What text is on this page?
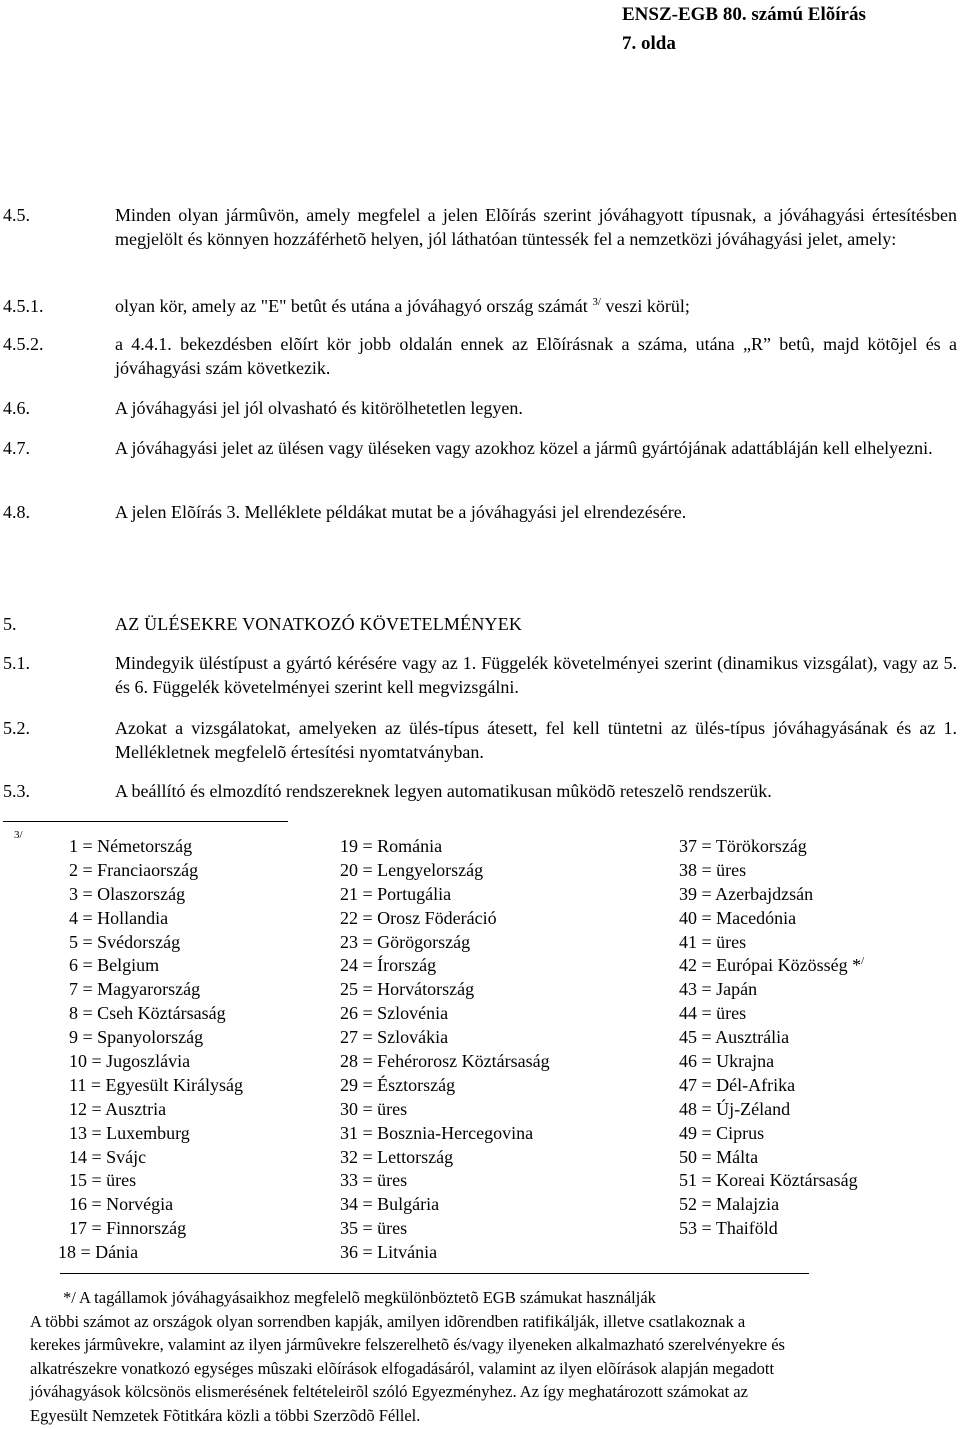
ENSZ-EGB 80. számú Elõírás
7. olda
4.5.	Minden olyan jármûvön, amely megfelel a jelen Elõírás szerint jóváhagyott típusnak, a jóváhagyási értesítésben megjelölt és könnyen hozzáférhetõ helyen, jól láthatóan tüntessék fel a nemzetközi jóváhagyási jelet, amely:
4.5.1.	olyan kör, amely az "E" betût és utána a jóváhagyó ország számát $^{3/}$ veszi körül;
4.5.2.	a 4.4.1. bekezdésben elõírt kör jobb oldalán ennek az Elõírásnak a száma, utána „R” betû, majd kötõjel és a jóváhagyási szám következik.
4.6.	A jóváhagyási jel jól olvasható és kitörölhetetlen legyen.
4.7.	A jóváhagyási jelet az ülésen vagy üléseken vagy azokhoz közel a jármû gyártójának adattábláján kell elhelyezni.
4.8.	A jelen Elõírás 3. Melléklete példákat mutat be a jóváhagyási jel elrendezésére.
5.	AZ ÜLÉSEKRE VONATKOZÓ KÖVETELMÉNYEK
5.1.	Mindegyik üléstípust a gyártó kérésére vagy az 1. Függelék követelményei szerint (dinamikus vizsgálat), vagy az 5. és 6. Függelék követelményei szerint kell megvizsgálni.
5.2.	Azokat a vizsgálatokat, amelyeken az ülés-típus átesett, fel kell tüntetni az ülés-típus jóváhagyásának és az 1. Mellékletnek megfelelõ értesítési nyomtatványban.
5.3.	A beállító és elmozdító rendszereknek legyen automatikusan mûködõ reteszelõ rendszerük.
3/
1 = Németország
2 = Franciaország
3 = Olaszország
4 = Hollandia
5 = Svédország
6 = Belgium
7 = Magyarország
8 = Cseh Köztársaság
9 = Spanyolország
10 = Jugoszlávia
11 = Egyesült Királyság
12 = Ausztria
13 = Luxemburg
14 = Svájc
15 = üres
16 = Norvégia
17 = Finnország
18 = Dánia
19 = Románia
20 = Lengyelország
21 = Portugália
22 = Orosz Föderáció
23 = Görögország
24 = Írország
25 = Horvátország
26 = Szlovénia
27 = Szlovákia
28 = Fehérorosz Köztársaság
29 = Észtország
30 = üres
31 = Bosznia-Hercegovina
32 = Lettország
33 = üres
34 = Bulgária
35 = üres
36 = Litvánia
37 = Törökország
38 = üres
39 = Azerbajdzsán
40 = Macedónia
41 = üres
42 = Európai Közösség */
43 = Japán
44 = üres
45 = Ausztrália
46 = Ukrajna
47 = Dél-Afrika
48 = Új-Zéland
49 = Ciprus
50 = Málta
51 = Koreai Köztársaság
52 = Malajzia
53 = Thaiföld
*/ A tagállamok jóváhagyásaikhoz megfelelõ megkülönböztetõ EGB számukat használják
A többi számot az országok olyan sorrendben kapják, amilyen idõrendben ratifikálják, illetve csatlakoznak a
kerekes jármûvekre, valamint az ilyen jármûvekre felszerelhetõ és/vagy ilyeneken alkalmazható szerelvényekre és
alkatrészekre vonatkozó egységes mûszaki elõírások elfogadásáról, valamint az ilyen elõírások alapján megadott
jóváhagyások kölcsönös elismerésének feltételeirõl szóló Egyezményhez. Az így meghatározott számokat az
Egyesült Nemzetek Fõtitkára közli a többi Szerzõdõ Féllel.
